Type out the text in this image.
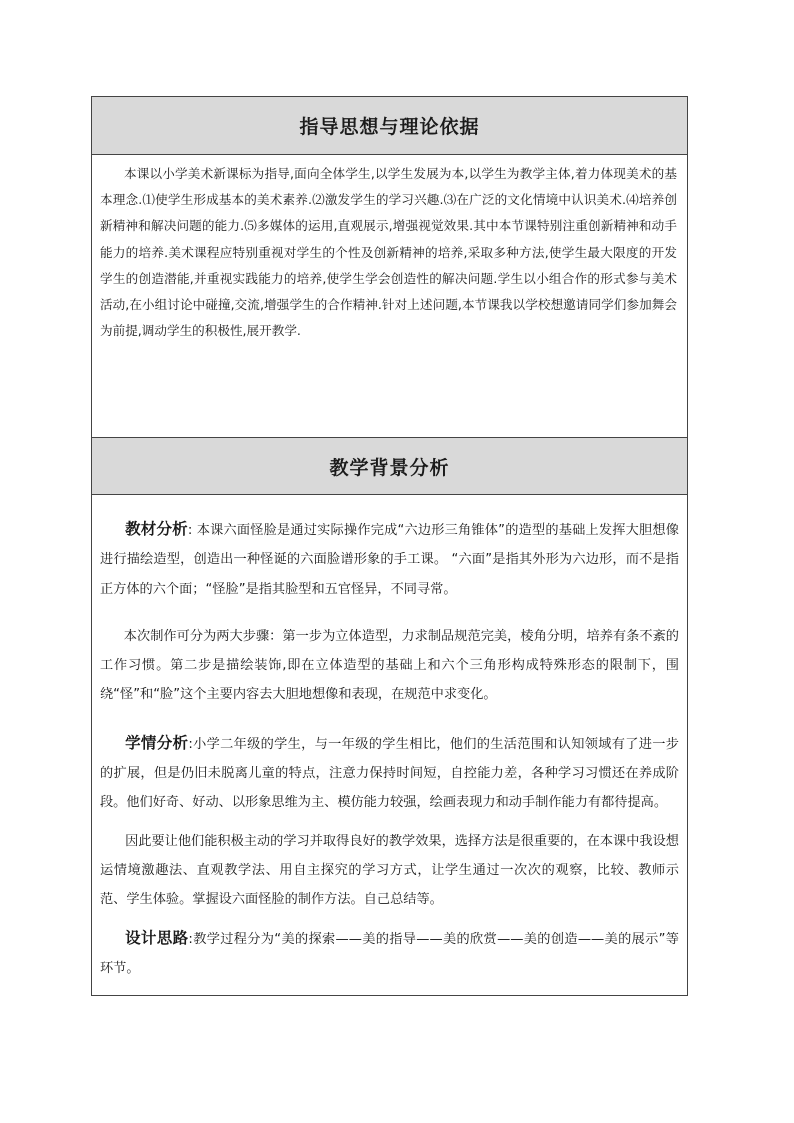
指导思想与理论依据

本课以小学美术新课标为指导,面向全体学生,以学生发展为本,以学生为教学主体,着力体现美术的基本理念.⑴使学生形成基本的美术素养.⑵激发学生的学习兴趣.⑶在广泛的文化情境中认识美术.⑷培养创新精神和解决问题的能力.⑸多媒体的运用,直观展示,增强视觉效果.其中本节课特别注重创新精神和动手能力的培养.美术课程应特别重视对学生的个性及创新精神的培养,采取多种方法,使学生最大限度的开发学生的创造潜能,并重视实践能力的培养,使学生学会创造性的解决问题.学生以小组合作的形式参与美术活动,在小组讨论中碰撞,交流,增强学生的合作精神.针对上述问题,本节课我以学校想邀请同学们参加舞会为前提,调动学生的积极性,展开教学.

教学背景分析

教材分析: 本课六面怪脸是通过实际操作完成“六边形三角锥体”的造型的基础上发挥大胆想像进行描绘造型，创造出一种怪诞的六面脸谱形象的手工课。 “六面”是指其外形为六边形，而不是指正方体的六个面；“怪脸”是指其脸型和五官怪异，不同寻常。

本次制作可分为两大步骤：第一步为立体造型，力求制品规范完美，棱角分明，培养有条不紊的工作习惯。第二步是描绘装饰,即在立体造型的基础上和六个三角形构成特殊形态的限制下，围绕“怪”和“脸”这个主要内容去大胆地想像和表现，在规范中求变化。

学情分析:小学二年级的学生，与一年级的学生相比，他们的生活范围和认知领域有了进一步的扩展，但是仍旧未脱离儿童的特点，注意力保持时间短，自控能力差，各种学习习惯还在养成阶段。他们好奇、好动、以形象思维为主、模仿能力较强，绘画表现力和动手制作能力有都待提高。

因此要让他们能积极主动的学习并取得良好的教学效果，选择方法是很重要的，在本课中我设想运情境激趣法、直观教学法、用自主探究的学习方式，让学生通过一次次的观察，比较、教师示范、学生体验。掌握设六面怪脸的制作方法。自己总结等。

设计思路:教学过程分为“美的探索——美的指导——美的欣赏——美的创造——美的展示”等环节。
